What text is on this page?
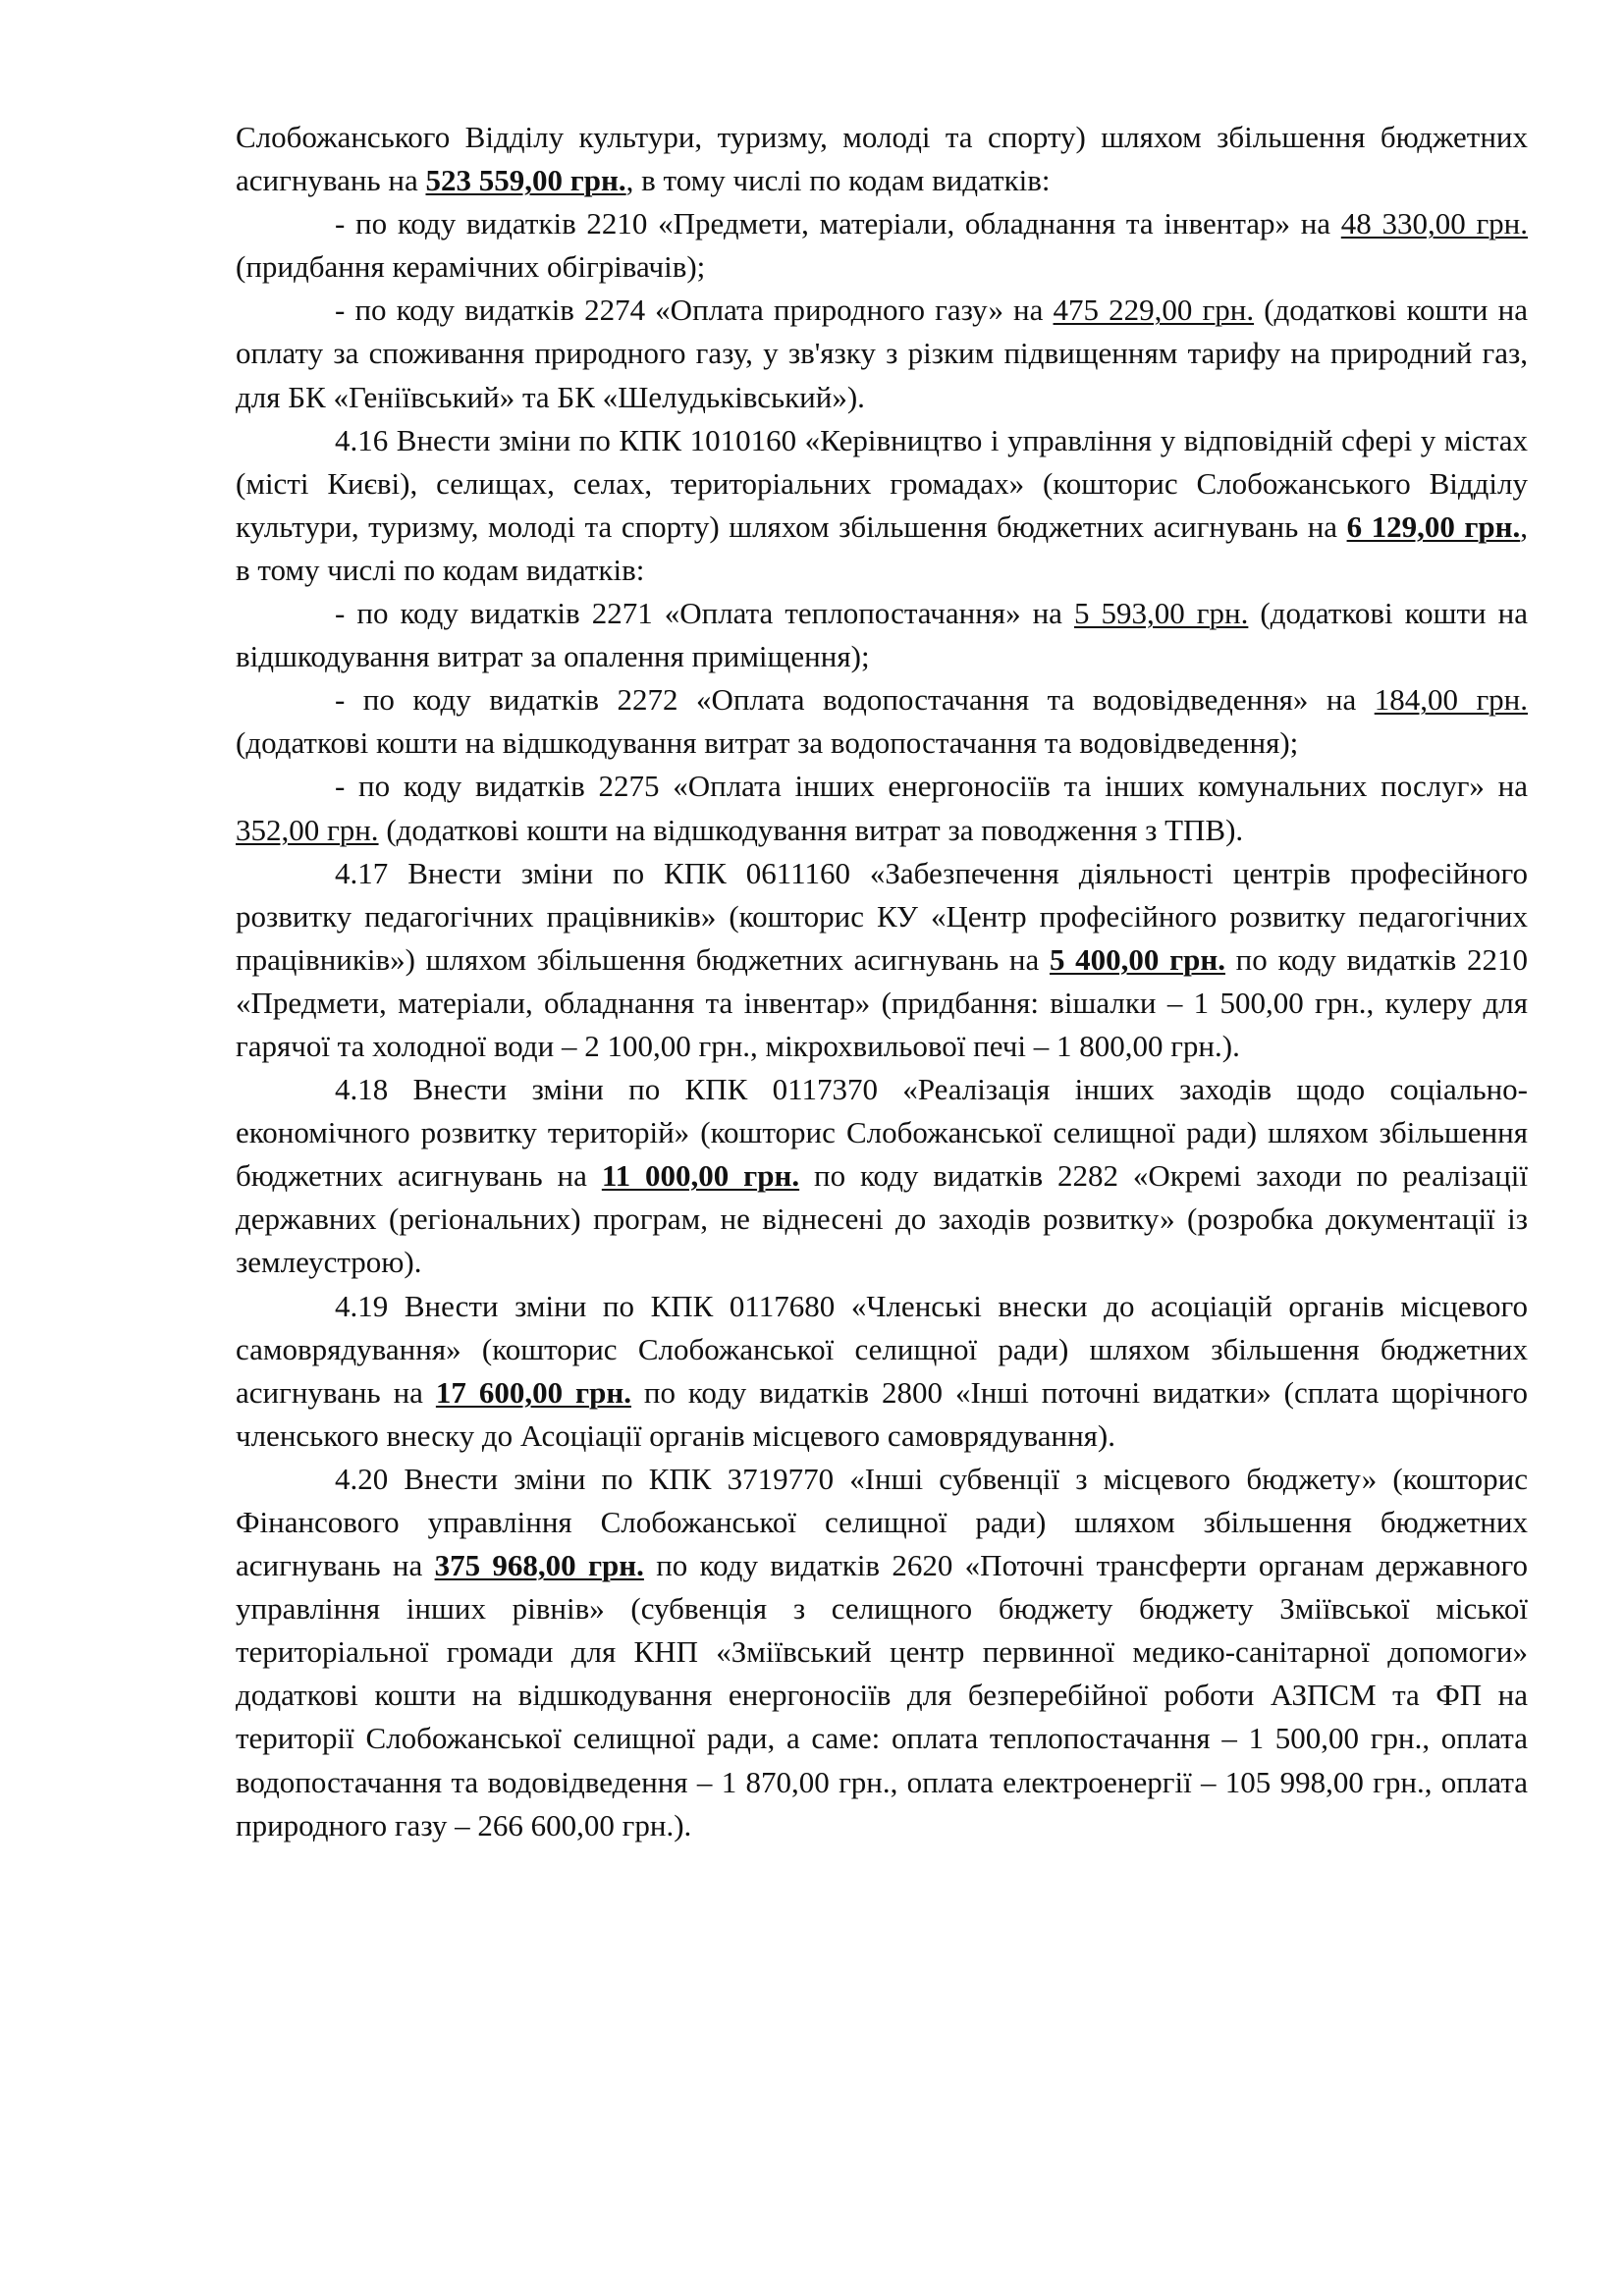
Слобожанського Відділу культури, туризму, молоді та спорту) шляхом збільшення бюджетних асигнувань на 523 559,00 грн., в тому числі по кодам видатків:

- по коду видатків 2210 «Предмети, матеріали, обладнання та інвентар» на 48 330,00 грн. (придбання керамічних обігрівачів);

- по коду видатків 2274 «Оплата природного газу» на 475 229,00 грн. (додаткові кошти на оплату за споживання природного газу, у зв'язку з різким підвищенням тарифу на природний газ, для БК «Геніївський» та БК «Шелудьківський»).

4.16 Внести зміни по КПК 1010160 «Керівництво і управління у відповідній сфері у містах (місті Києві), селищах, селах, територіальних громадах» (кошторис Слобожанського Відділу культури, туризму, молоді та спорту) шляхом збільшення бюджетних асигнувань на 6 129,00 грн., в тому числі по кодам видатків:

- по коду видатків 2271 «Оплата теплопостачання» на 5 593,00 грн. (додаткові кошти на відшкодування витрат за опалення приміщення);

- по коду видатків 2272 «Оплата водопостачання та водовідведення» на 184,00 грн. (додаткові кошти на відшкодування витрат за водопостачання та водовідведення);

- по коду видатків 2275 «Оплата інших енергоносіїв та інших комунальних послуг» на 352,00 грн. (додаткові кошти на відшкодування витрат за поводження з ТПВ).

4.17 Внести зміни по КПК 0611160 «Забезпечення діяльності центрів професійного розвитку педагогічних працівників» (кошторис КУ «Центр професійного розвитку педагогічних працівників») шляхом збільшення бюджетних асигнувань на 5 400,00 грн. по коду видатків 2210 «Предмети, матеріали, обладнання та інвентар» (придбання: вішалки – 1 500,00 грн., кулеру для гарячої та холодної води – 2 100,00 грн., мікрохвильової печі – 1 800,00 грн.).

4.18 Внести зміни по КПК 0117370 «Реалізація інших заходів щодо соціально-економічного розвитку територій» (кошторис Слобожанської селищної ради) шляхом збільшення бюджетних асигнувань на 11 000,00 грн. по коду видатків 2282 «Окремі заходи по реалізації державних (регіональних) програм, не віднесені до заходів розвитку» (розробка документації із землеустрою).

4.19 Внести зміни по КПК 0117680 «Членські внески до асоціацій органів місцевого самоврядування» (кошторис Слобожанської селищної ради) шляхом збільшення бюджетних асигнувань на 17 600,00 грн. по коду видатків 2800 «Інші поточні видатки» (сплата щорічного членського внеску до Асоціації органів місцевого самоврядування).

4.20 Внести зміни по КПК 3719770 «Інші субвенції з місцевого бюджету» (кошторис Фінансового управління Слобожанської селищної ради) шляхом збільшення бюджетних асигнувань на 375 968,00 грн. по коду видатків 2620 «Поточні трансферти органам державного управління інших рівнів» (субвенція з селищного бюджету бюджету Зміївської міської територіальної громади для КНП «Зміївський центр первинної медико-санітарної допомоги» додаткові кошти на відшкодування енергоносіїв для безперебійної роботи АЗПСМ та ФП на території Слобожанської селищної ради, а саме: оплата теплопостачання – 1 500,00 грн., оплата водопостачання та водовідведення – 1 870,00 грн., оплата електроенергії – 105 998,00 грн., оплата природного газу – 266 600,00 грн.).
